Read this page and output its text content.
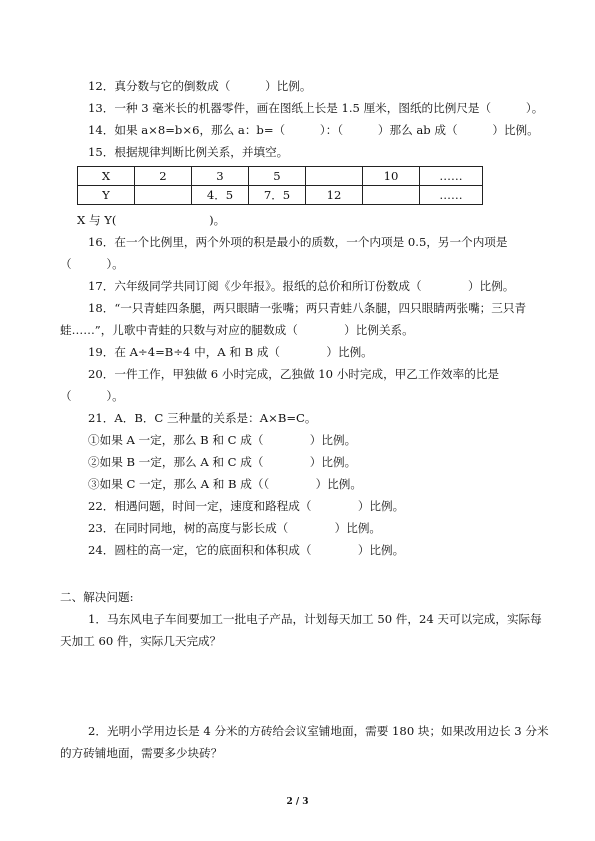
12．真分数与它的倒数成（　　　）比例。
13．一种 3 毫米长的机器零件，画在图纸上长是 1.5 厘米，图纸的比例尺是（　　　）。
14．如果 a×8=b×6，那么 a：b=（　　　）：（　　　）那么 ab 成（　　　）比例。
15．根据规律判断比例关系，并填空。
X	2	3	5		10	……
Y		4．5	7．5	12		……
X 与 Y(　　　　　　　　)。
16．在一个比例里，两个外项的积是最小的质数，一个内项是 0.5，另一个内项是
（　　　）。
17．六年级同学共同订阅《少年报》。报纸的总价和所订份数成（　　　　）比例。
18．“一只青蛙四条腿，两只眼睛一张嘴；两只青蛙八条腿，四只眼睛两张嘴；三只青
蛙……”，儿歌中青蛙的只数与对应的腿数成（　　　　）比例关系。
19．在 A÷4=B÷4 中，A 和 B 成（　　　　）比例。
20．一件工作，甲独做 6 小时完成，乙独做 10 小时完成，甲乙工作效率的比是
（　　　）。
21．A．B．C 三种量的关系是：A×B=C。
①如果 A 一定，那么 B 和 C 成（　　　　）比例。
②如果 B 一定，那么 A 和 C 成（　　　　）比例。
③如果 C 一定，那么 A 和 B 成（（　　　　）比例。
22．相遇问题，时间一定，速度和路程成（　　　　）比例。
23．在同时同地，树的高度与影长成（　　　　）比例。
24．圆柱的高一定，它的底面积和体积成（　　　　）比例。
二、解决问题:
1．马东风电子车间要加工一批电子产品，计划每天加工 50 件，24 天可以完成，实际每
天加工 60 件，实际几天完成？
2．光明小学用边长是 4 分米的方砖给会议室铺地面，需要 180 块；如果改用边长 3 分米
的方砖铺地面，需要多少块砖？
2 / 3
